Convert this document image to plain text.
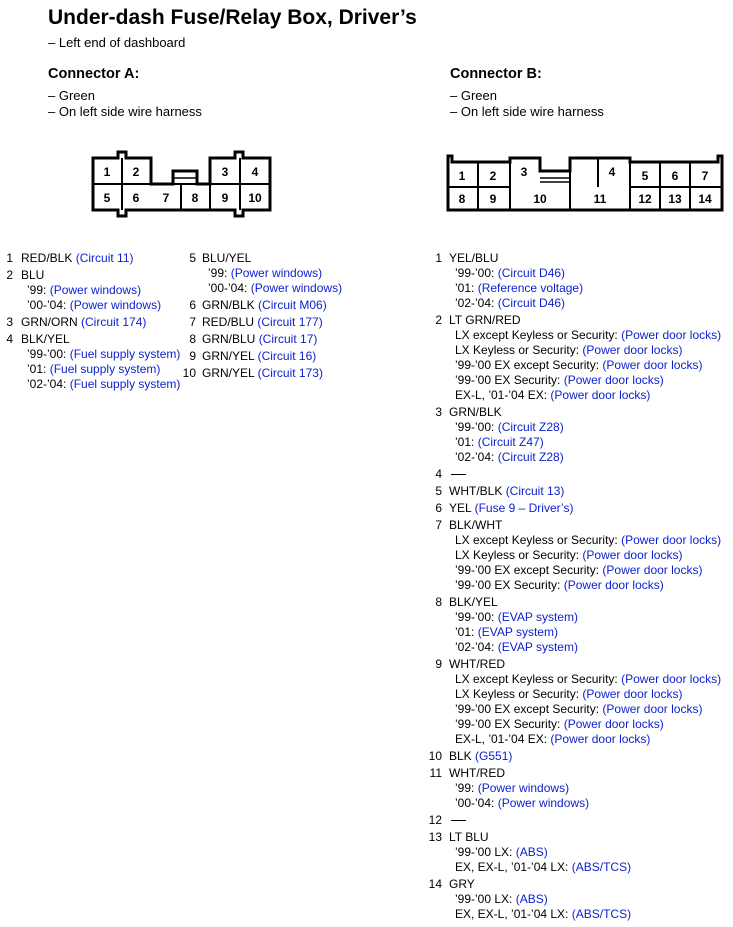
Under-dash Fuse/Relay Box, Driver’s
– Left end of dashboard
Connector A:
– Green
– On left side wire harness
Connector B:
– Green
– On left side wire harness
1 2	3 4
5 6 7 8 9 10
1 2 3	4 5 6 7
8 9	10	11	12 13 14
1 RED/BLK (Circuit 11)
2 BLU
’99: (Power windows)
’00-’04: (Power windows)
3 GRN/ORN (Circuit 174)
4 BLK/YEL
’99-’00: (Fuel supply system)
’01: (Fuel supply system)
’02-’04: (Fuel supply system)
5 BLU/YEL
’99: (Power windows)
’00-’04: (Power windows)
6 GRN/BLK (Circuit M06)
7 RED/BLU (Circuit 177)
8 GRN/BLU (Circuit 17)
9 GRN/YEL (Circuit 16)
10 GRN/YEL (Circuit 173)
1 YEL/BLU
’99-’00: (Circuit D46)
’01: (Reference voltage)
’02-’04: (Circuit D46)
2 LT GRN/RED
LX except Keyless or Security: (Power door locks)
LX Keyless or Security: (Power door locks)
’99-’00 EX except Security: (Power door locks)
’99-’00 EX Security: (Power door locks)
EX-L, ’01-’04 EX: (Power door locks)
3 GRN/BLK
’99-’00: (Circuit Z28)
’01: (Circuit Z47)
’02-’04: (Circuit Z28)
4
5 WHT/BLK (Circuit 13)
6 YEL (Fuse 9 – Driver’s)
7 BLK/WHT
LX except Keyless or Security: (Power door locks)
LX Keyless or Security: (Power door locks)
’99-’00 EX except Security: (Power door locks)
’99-’00 EX Security: (Power door locks)
8 BLK/YEL
’99-’00: (EVAP system)
’01: (EVAP system)
’02-’04: (EVAP system)
9 WHT/RED
LX except Keyless or Security: (Power door locks)
LX Keyless or Security: (Power door locks)
’99-’00 EX except Security: (Power door locks)
’99-’00 EX Security: (Power door locks)
EX-L, ’01-’04 EX: (Power door locks)
10 BLK (G551)
11 WHT/RED
’99: (Power windows)
’00-’04: (Power windows)
12
13 LT BLU
’99-’00 LX: (ABS)
EX, EX-L, ’01-’04 LX: (ABS/TCS)
14 GRY
’99-’00 LX: (ABS)
EX, EX-L, ’01-’04 LX: (ABS/TCS)
